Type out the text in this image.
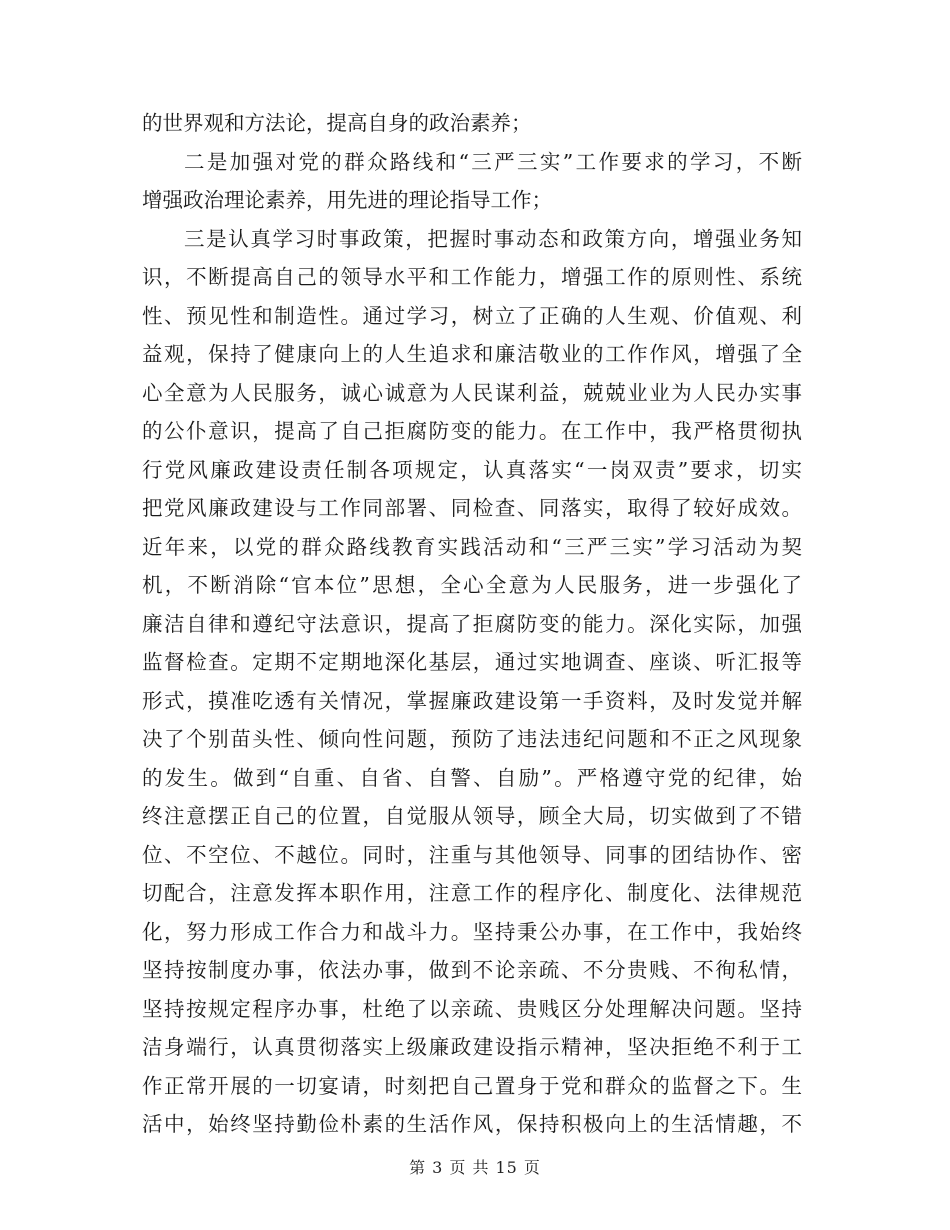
的世界观和方法论，提高自身的政治素养；
二是加强对党的群众路线和“三严三实”工作要求的学习，不断
增强政治理论素养，用先进的理论指导工作；
三是认真学习时事政策，把握时事动态和政策方向，增强业务知
识，不断提高自己的领导水平和工作能力，增强工作的原则性、系统
性、预见性和制造性。通过学习，树立了正确的人生观、价值观、利
益观，保持了健康向上的人生追求和廉洁敬业的工作作风，增强了全
心全意为人民服务，诚心诚意为人民谋利益，兢兢业业为人民办实事
的公仆意识，提高了自己拒腐防变的能力。在工作中，我严格贯彻执
行党风廉政建设责任制各项规定，认真落实“一岗双责”要求，切实
把党风廉政建设与工作同部署、同检查、同落实，取得了较好成效。
近年来，以党的群众路线教育实践活动和“三严三实”学习活动为契
机，不断消除“官本位”思想，全心全意为人民服务，进一步强化了
廉洁自律和遵纪守法意识，提高了拒腐防变的能力。深化实际，加强
监督检查。定期不定期地深化基层，通过实地调查、座谈、听汇报等
形式，摸准吃透有关情况，掌握廉政建设第一手资料，及时发觉并解
决了个别苗头性、倾向性问题，预防了违法违纪问题和不正之风现象
的发生。做到“自重、自省、自警、自励”。严格遵守党的纪律，始
终注意摆正自己的位置，自觉服从领导，顾全大局，切实做到了不错
位、不空位、不越位。同时，注重与其他领导、同事的团结协作、密
切配合，注意发挥本职作用，注意工作的程序化、制度化、法律规范
化，努力形成工作合力和战斗力。坚持秉公办事，在工作中，我始终
坚持按制度办事，依法办事，做到不论亲疏、不分贵贱、不徇私情，
坚持按规定程序办事，杜绝了以亲疏、贵贱区分处理解决问题。坚持
洁身端行，认真贯彻落实上级廉政建设指示精神，坚决拒绝不利于工
作正常开展的一切宴请，时刻把自己置身于党和群众的监督之下。生
活中，始终坚持勤俭朴素的生活作风，保持积极向上的生活情趣，不
第 3 页 共 15 页
